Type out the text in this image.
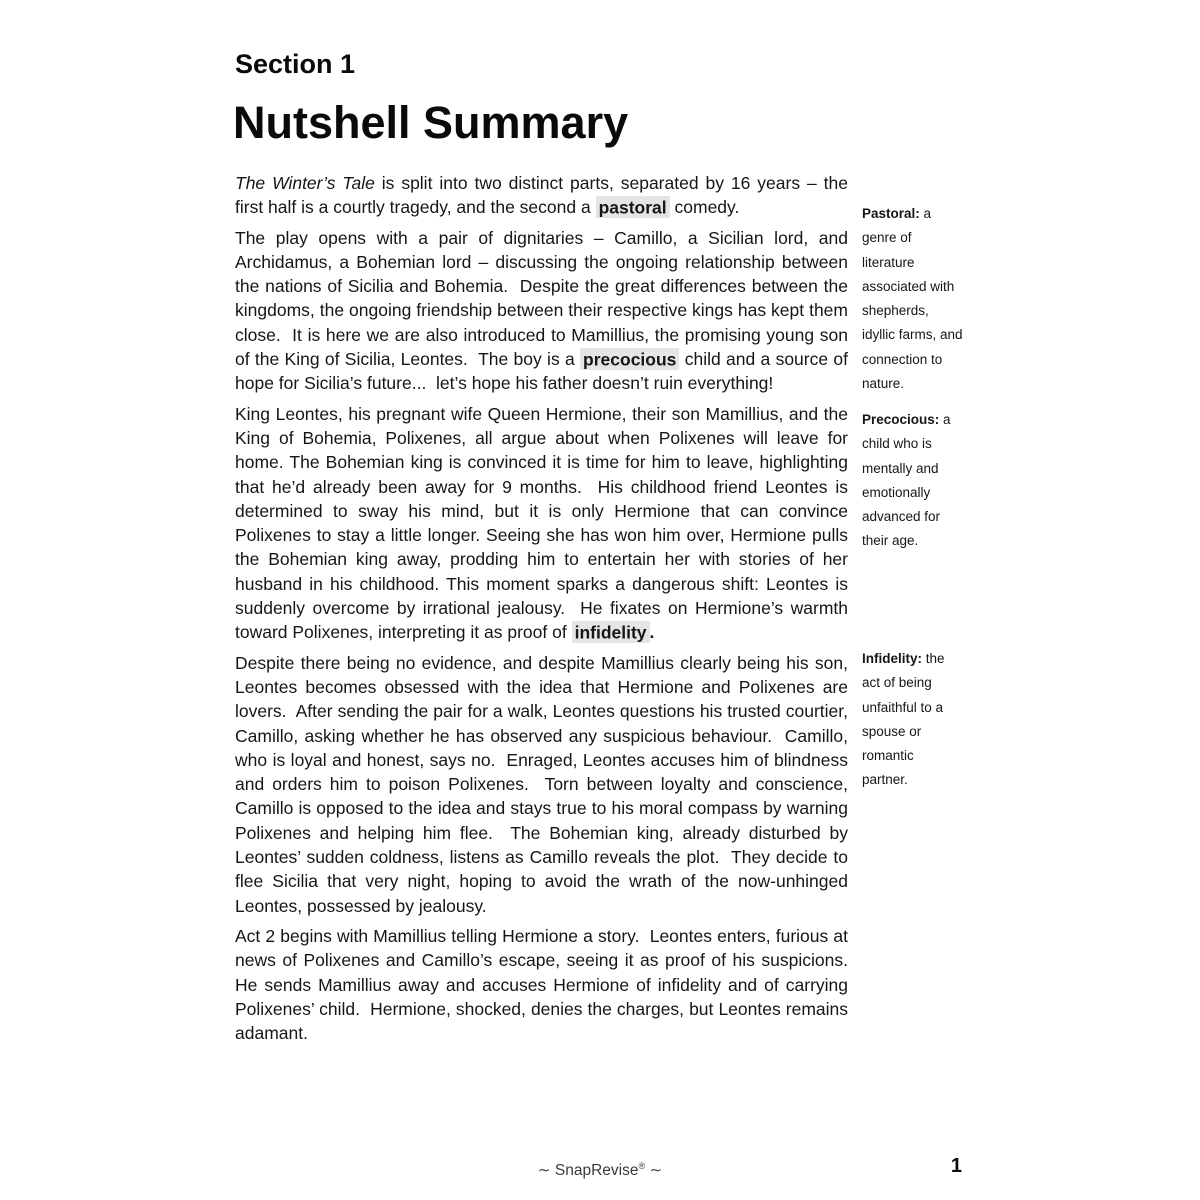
Section 1
Nutshell Summary

The Winter’s Tale is split into two distinct parts, separated by 16 years – the first half is a courtly tragedy, and the second a pastoral comedy.

The play opens with a pair of dignitaries – Camillo, a Sicilian lord, and Archidamus, a Bohemian lord – discussing the ongoing relationship between the nations of Sicilia and Bohemia.  Despite the great differences between the kingdoms, the ongoing friendship between their respective kings has kept them close.  It is here we are also introduced to Mamillius, the promising young son of the King of Sicilia, Leontes.  The boy is a precocious child and a source of hope for Sicilia’s future...  let’s hope his father doesn’t ruin everything!

King Leontes, his pregnant wife Queen Hermione, their son Mamillius, and the King of Bohemia, Polixenes, all argue about when Polixenes will leave for home. The Bohemian king is convinced it is time for him to leave, highlighting that he’d already been away for 9 months.  His childhood friend Leontes is determined to sway his mind, but it is only Hermione that can convince Polixenes to stay a little longer. Seeing she has won him over, Hermione pulls the Bohemian king away, prodding him to entertain her with stories of her husband in his childhood. This moment sparks a dangerous shift: Leontes is suddenly overcome by irrational jealousy.  He fixates on Hermione’s warmth toward Polixenes, interpreting it as proof of infidelity .

Despite there being no evidence, and despite Mamillius clearly being his son, Leontes becomes obsessed with the idea that Hermione and Polixenes are lovers.  After sending the pair for a walk, Leontes questions his trusted courtier, Camillo, asking whether he has observed any suspicious behaviour.  Camillo, who is loyal and honest, says no.  Enraged, Leontes accuses him of blindness and orders him to poison Polixenes.  Torn between loyalty and conscience, Camillo is opposed to the idea and stays true to his moral compass by warning Polixenes and helping him flee.  The Bohemian king, already disturbed by Leontes’ sudden coldness, listens as Camillo reveals the plot.  They decide to flee Sicilia that very night, hoping to avoid the wrath of the now-unhinged Leontes, possessed by jealousy.

Act 2 begins with Mamillius telling Hermione a story.  Leontes enters, furious at news of Polixenes and Camillo’s escape, seeing it as proof of his suspicions.  He sends Mamillius away and accuses Hermione of infidelity and of carrying Polixenes’ child.  Hermione, shocked, denies the charges, but Leontes remains adamant.

Pastoral: a genre of literature associated with shepherds, idyllic farms, and connection to nature.
Precocious: a child who is mentally and emotionally advanced for their age.
Infidelity: the act of being unfaithful to a spouse or romantic partner.
∼ SnapRevise® ∼	1
